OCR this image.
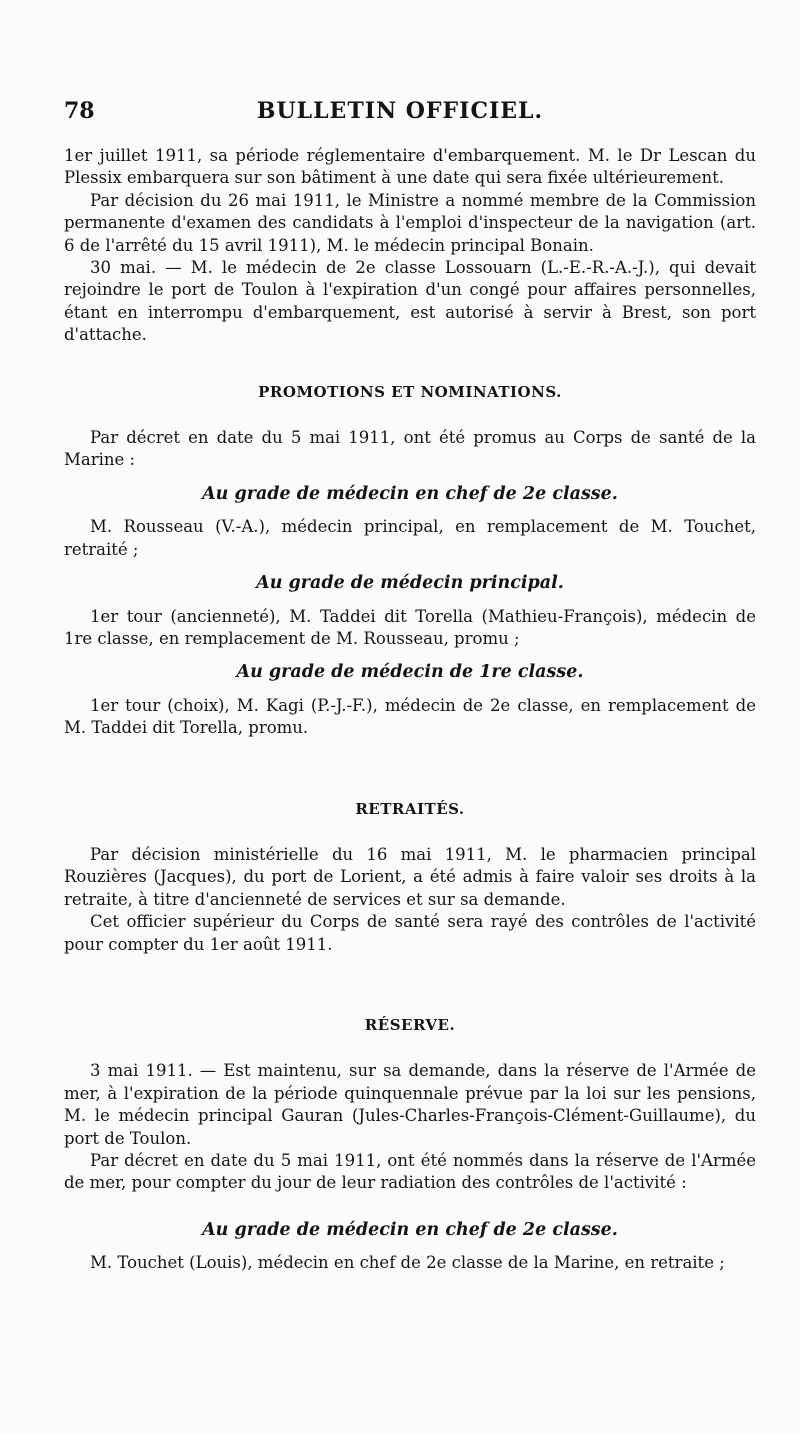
78	BULLETIN OFFICIEL.

1er juillet 1911, sa période réglementaire d'embarquement. M. le Dr Lescan du Plessix embarquera sur son bâtiment à une date qui sera fixée ultérieurement.

Par décision du 26 mai 1911, le Ministre a nommé membre de la Commission permanente d'examen des candidats à l'emploi d'inspecteur de la navigation (art. 6 de l'arrêté du 15 avril 1911), M. le médecin principal Bonain.

30 mai. — M. le médecin de 2e classe Lossouarn (L.-E.-R.-A.-J.), qui devait rejoindre le port de Toulon à l'expiration d'un congé pour affaires personnelles, étant en interrompu d'embarquement, est autorisé à servir à Brest, son port d'attache.

PROMOTIONS ET NOMINATIONS.

Par décret en date du 5 mai 1911, ont été promus au Corps de santé de la Marine :

Au grade de médecin en chef de 2e classe.

M. Rousseau (V.-A.), médecin principal, en remplacement de M. Touchet, retraité ;

Au grade de médecin principal.

1er tour (ancienneté), M. Taddei dit Torella (Mathieu-François), médecin de 1re classe, en remplacement de M. Rousseau, promu ;

Au grade de médecin de 1re classe.

1er tour (choix), M. Kagi (P.-J.-F.), médecin de 2e classe, en remplacement de M. Taddei dit Torella, promu.

RETRAITÉS.

Par décision ministérielle du 16 mai 1911, M. le pharmacien principal Rouzières (Jacques), du port de Lorient, a été admis à faire valoir ses droits à la retraite, à titre d'ancienneté de services et sur sa demande.

Cet officier supérieur du Corps de santé sera rayé des contrôles de l'activité pour compter du 1er août 1911.

RÉSERVE.

3 mai 1911. — Est maintenu, sur sa demande, dans la réserve de l'Armée de mer, à l'expiration de la période quinquennale prévue par la loi sur les pensions, M. le médecin principal Gauran (Jules-Charles-François-Clément-Guillaume), du port de Toulon.

Par décret en date du 5 mai 1911, ont été nommés dans la réserve de l'Armée de mer, pour compter du jour de leur radiation des contrôles de l'activité :

Au grade de médecin en chef de 2e classe.

M. Touchet (Louis), médecin en chef de 2e classe de la Marine, en retraite ;
